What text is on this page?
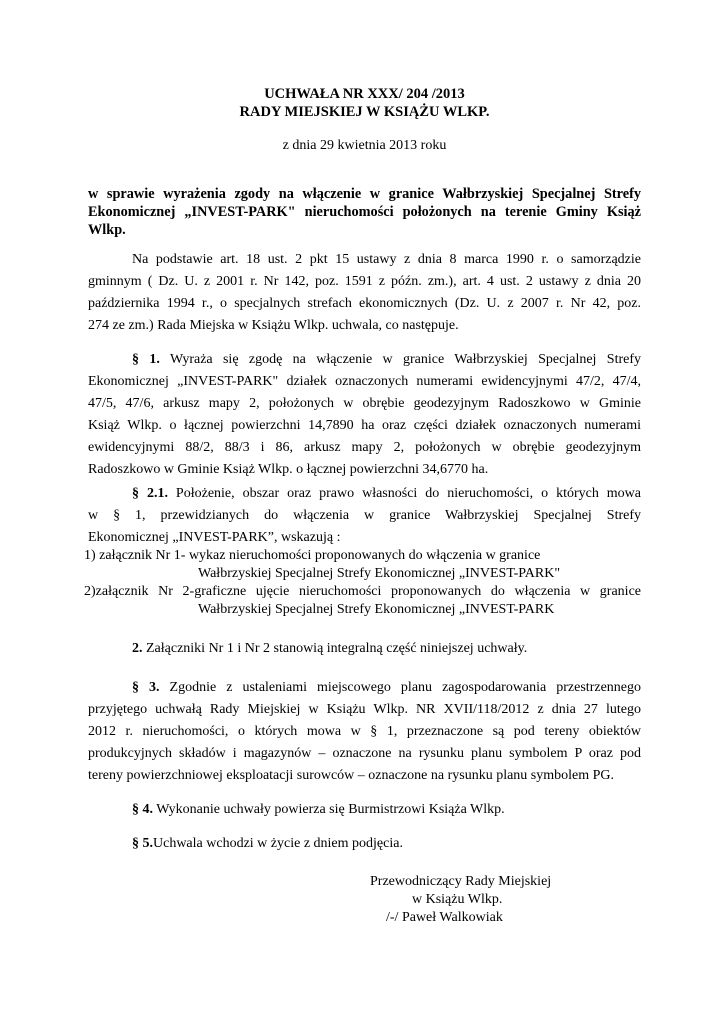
UCHWAŁA NR XXX/ 204 /2013
RADY MIEJSKIEJ W KSIĄŻU WLKP.
z dnia 29 kwietnia 2013 roku
w sprawie wyrażenia zgody na włączenie w granice Wałbrzyskiej Specjalnej Strefy
Ekonomicznej „INVEST-PARK" nieruchomości położonych na terenie Gminy Książ
Wlkp.
Na podstawie art. 18 ust. 2 pkt 15 ustawy z dnia 8 marca 1990 r. o samorządzie
gminnym ( Dz. U. z 2001 r. Nr 142, poz. 1591 z późn. zm.), art. 4 ust. 2 ustawy z dnia 20
października 1994 r., o specjalnych strefach ekonomicznych (Dz. U. z 2007 r. Nr 42, poz.
274 ze zm.) Rada Miejska w Książu Wlkp. uchwala, co następuje.
§ 1. Wyraża się zgodę na włączenie w granice Wałbrzyskiej Specjalnej Strefy
Ekonomicznej „INVEST-PARK" działek oznaczonych numerami ewidencyjnymi 47/2, 47/4,
47/5, 47/6, arkusz mapy 2, położonych w obrębie geodezyjnym Radoszkowo w Gminie
Książ Wlkp. o łącznej powierzchni 14,7890 ha oraz części działek oznaczonych numerami
ewidencyjnymi 88/2, 88/3 i 86, arkusz mapy 2, położonych w obrębie geodezyjnym
Radoszkowo w Gminie Książ Wlkp. o łącznej powierzchni 34,6770 ha.
§ 2.1. Położenie, obszar oraz prawo własności do nieruchomości, o których mowa
w § 1, przewidzianych do włączenia w granice Wałbrzyskiej Specjalnej Strefy
Ekonomicznej „INVEST-PARK”, wskazują :
1) załącznik Nr 1- wykaz nieruchomości proponowanych do włączenia w granice
Wałbrzyskiej Specjalnej Strefy Ekonomicznej „INVEST-PARK"
2)załącznik Nr 2-graficzne ujęcie nieruchomości proponowanych do włączenia w granice
Wałbrzyskiej Specjalnej Strefy Ekonomicznej „INVEST-PARK
2. Załączniki Nr 1 i Nr 2 stanowią integralną część niniejszej uchwały.
§ 3. Zgodnie z ustaleniami miejscowego planu zagospodarowania przestrzennego
przyjętego uchwałą Rady Miejskiej w Książu Wlkp. NR XVII/118/2012 z dnia 27 lutego
2012 r. nieruchomości, o których mowa w § 1, przeznaczone są pod tereny obiektów
produkcyjnych składów i magazynów – oznaczone na rysunku planu symbolem P oraz pod
tereny powierzchniowej eksploatacji surowców – oznaczone na rysunku planu symbolem PG.
§ 4. Wykonanie uchwały powierza się Burmistrzowi Książa Wlkp.
§ 5.Uchwala wchodzi w życie z dniem podjęcia.
Przewodniczący Rady Miejskiej
w Książu Wlkp.
/-/ Paweł Walkowiak
